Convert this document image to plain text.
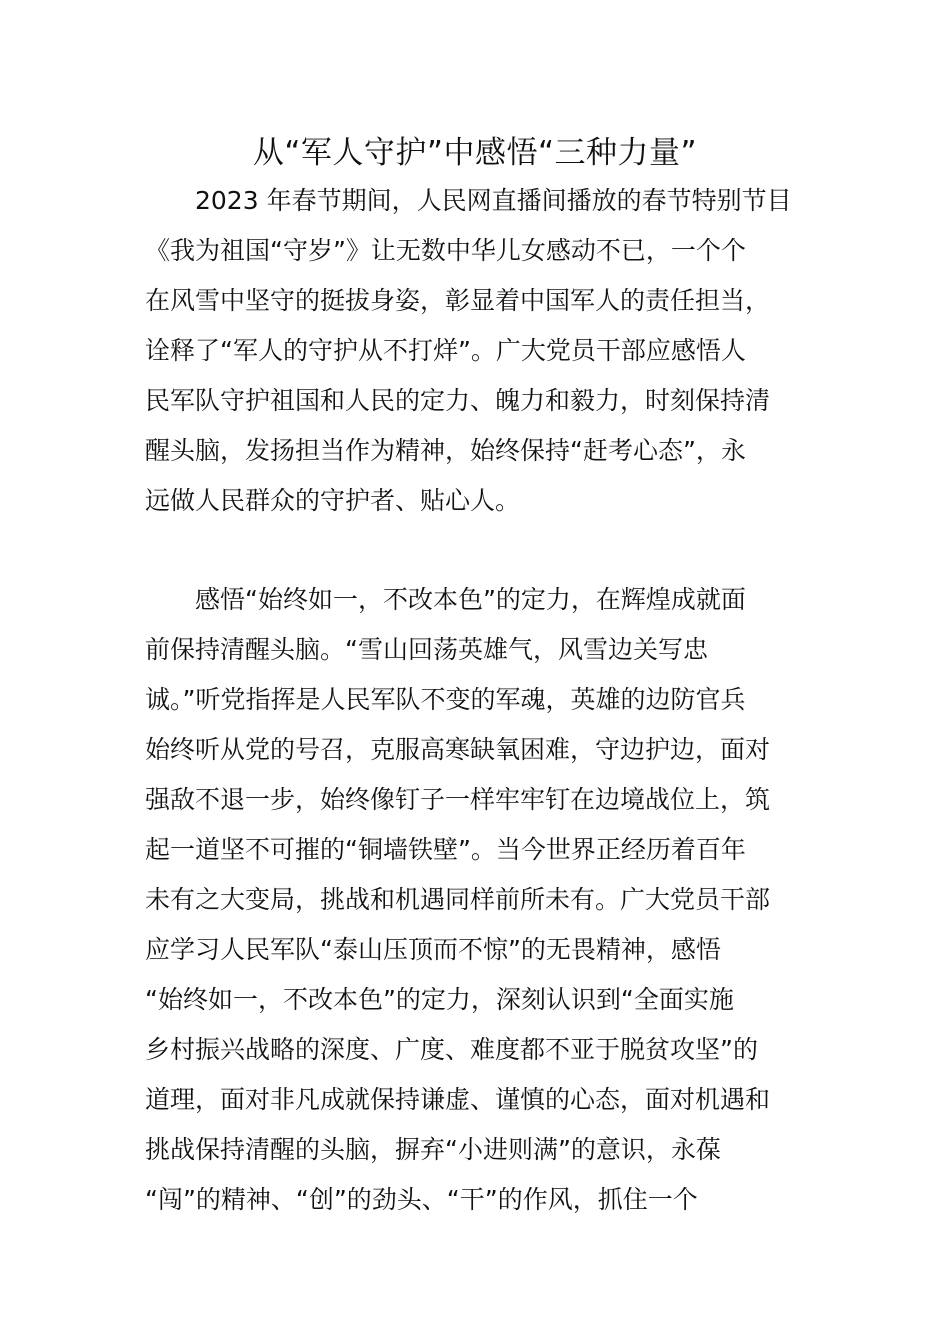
从“军人守护”中感悟“三种力量”
　　2023 年春节期间，人民网直播间播放的春节特别节目
《我为祖国“守岁”》让无数中华儿女感动不已，一个个
在风雪中坚守的挺拔身姿，彰显着中国军人的责任担当，
诠释了“军人的守护从不打烊”。广大党员干部应感悟人
民军队守护祖国和人民的定力、魄力和毅力，时刻保持清
醒头脑，发扬担当作为精神，始终保持“赶考心态”，永
远做人民群众的守护者、贴心人。
　　感悟“始终如一，不改本色”的定力，在辉煌成就面
前保持清醒头脑。“雪山回荡英雄气，风雪边关写忠
诚。”听党指挥是人民军队不变的军魂，英雄的边防官兵
始终听从党的号召，克服高寒缺氧困难，守边护边，面对
强敌不退一步，始终像钉子一样牢牢钉在边境战位上，筑
起一道坚不可摧的“铜墙铁壁”。当今世界正经历着百年
未有之大变局，挑战和机遇同样前所未有。广大党员干部
应学习人民军队“泰山压顶而不惊”的无畏精神，感悟
“始终如一，不改本色”的定力，深刻认识到“全面实施
乡村振兴战略的深度、广度、难度都不亚于脱贫攻坚”的
道理，面对非凡成就保持谦虚、谨慎的心态，面对机遇和
挑战保持清醒的头脑，摒弃“小进则满”的意识，永葆
“闯”的精神、“创”的劲头、“干”的作风，抓住一个
